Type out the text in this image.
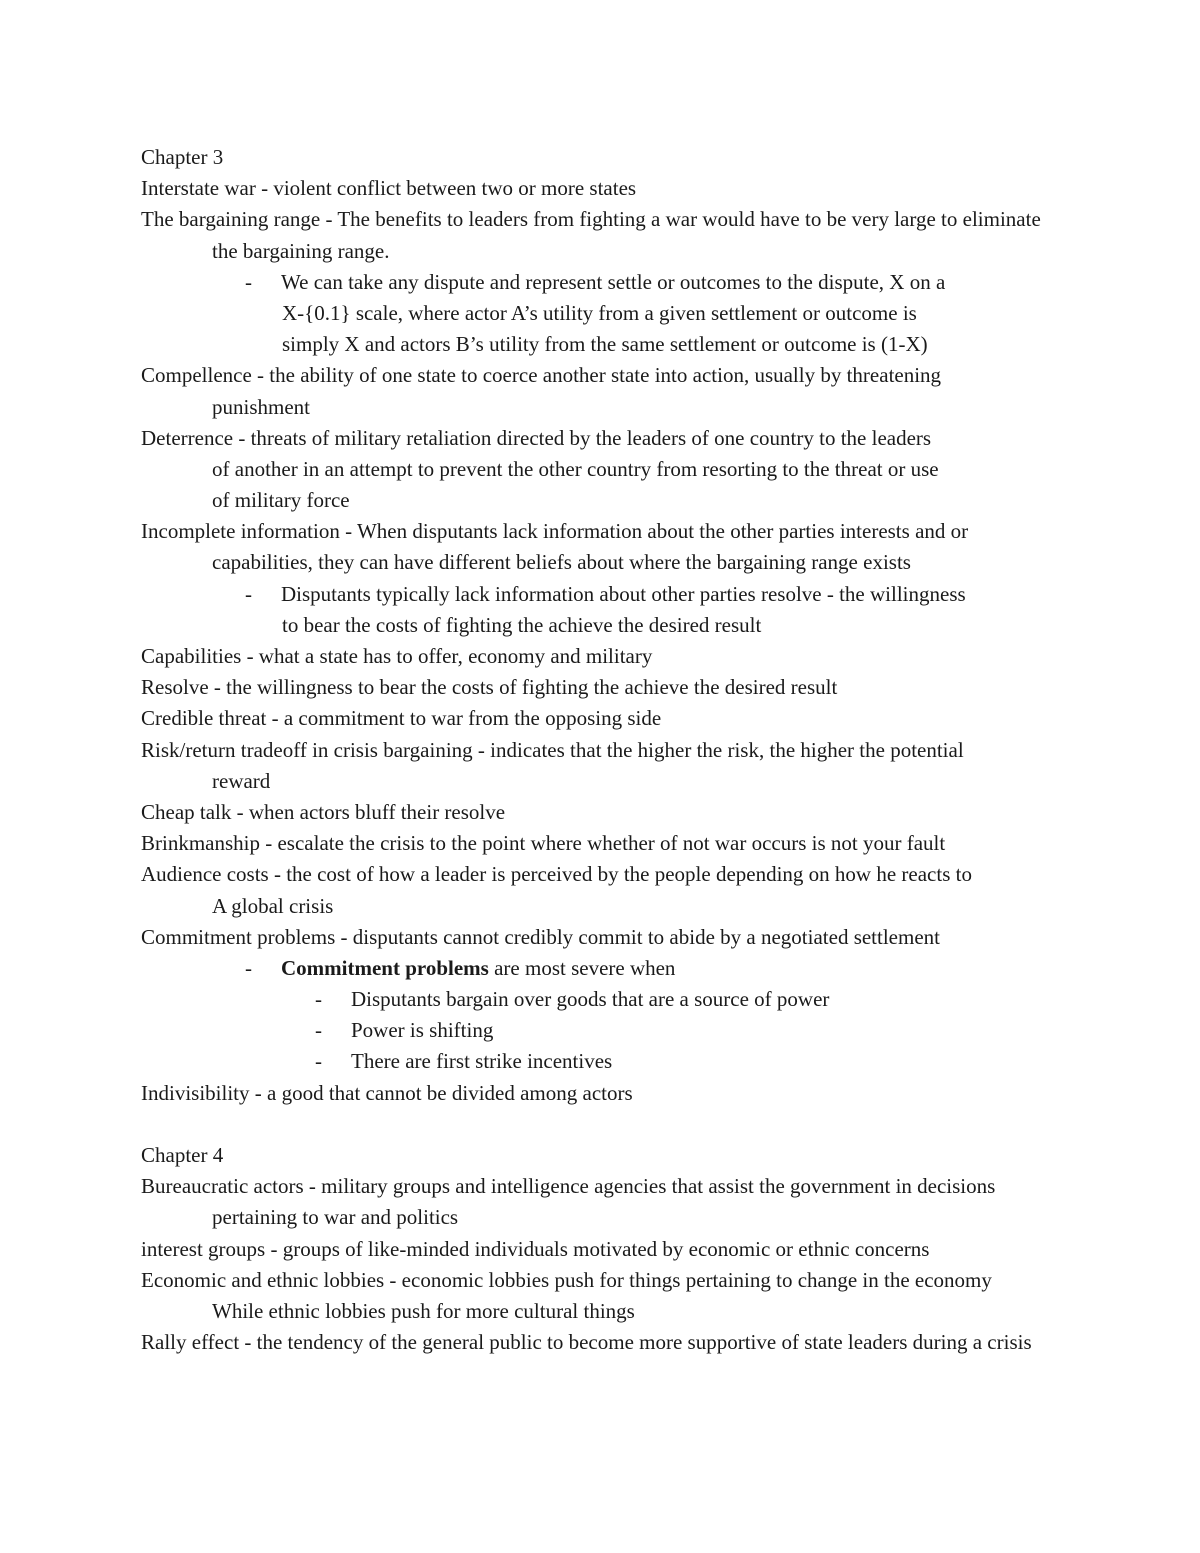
Chapter 3
Interstate war - violent conflict between two or more states
The bargaining range - The benefits to leaders from fighting a war would have to be very large to eliminate
the bargaining range.
- We can take any dispute and represent settle or outcomes to the dispute, X on a
X-{0.1} scale, where actor A’s utility from a given settlement or outcome is
simply X and actors B’s utility from the same settlement or outcome is (1-X)
Compellence - the ability of one state to coerce another state into action, usually by threatening
punishment
Deterrence - threats of military retaliation directed by the leaders of one country to the leaders
of another in an attempt to prevent the other country from resorting to the threat or use
of military force
Incomplete information - When disputants lack information about the other parties interests and or
capabilities, they can have different beliefs about where the bargaining range exists
- Disputants typically lack information about other parties resolve - the willingness
to bear the costs of fighting the achieve the desired result
Capabilities - what a state has to offer, economy and military
Resolve - the willingness to bear the costs of fighting the achieve the desired result
Credible threat - a commitment to war from the opposing side
Risk/return tradeoff in crisis bargaining - indicates that the higher the risk, the higher the potential
reward
Cheap talk - when actors bluff their resolve
Brinkmanship - escalate the crisis to the point where whether of not war occurs is not your fault
Audience costs - the cost of how a leader is perceived by the people depending on how he reacts to
A global crisis
Commitment problems - disputants cannot credibly commit to abide by a negotiated settlement
- Commitment problems are most severe when
- Disputants bargain over goods that are a source of power
- Power is shifting
- There are first strike incentives
Indivisibility - a good that cannot be divided among actors
Chapter 4
Bureaucratic actors - military groups and intelligence agencies that assist the government in decisions
pertaining to war and politics
interest groups - groups of like-minded individuals motivated by economic or ethnic concerns
Economic and ethnic lobbies - economic lobbies push for things pertaining to change in the economy
While ethnic lobbies push for more cultural things
Rally effect - the tendency of the general public to become more supportive of state leaders during a crisis
